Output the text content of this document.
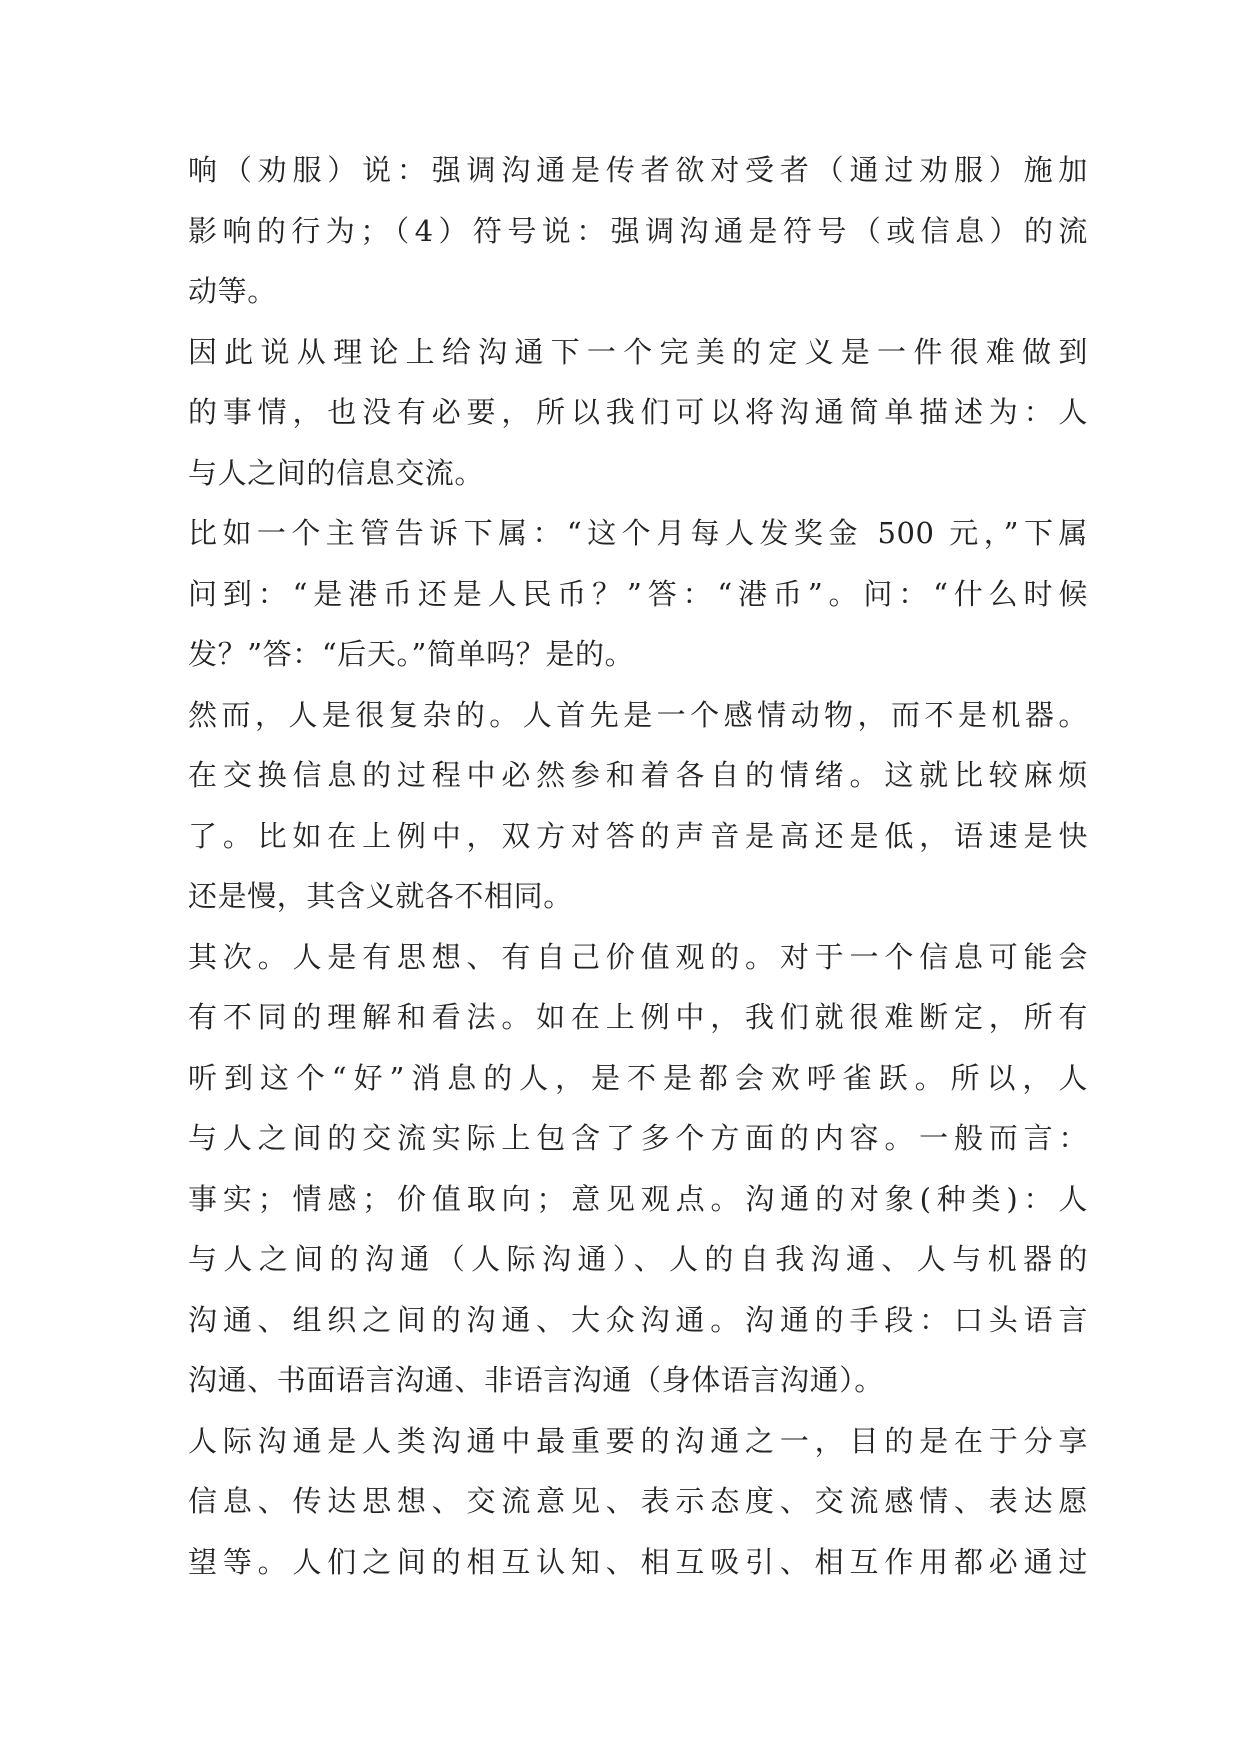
响（劝服）说：强调沟通是传者欲对受者（通过劝服）施加
影响的行为；（4）符号说：强调沟通是符号（或信息）的流
动等。
因此说从理论上给沟通下一个完美的定义是一件很难做到
的事情，也没有必要，所以我们可以将沟通简单描述为：人
与人之间的信息交流。
比如一个主管告诉下属：“这个月每人发奖金 500 元，”下属
问到：“是港币还是人民币？”答：“港币”。问：“什么时候
发？”答：“后天。”简单吗？是的。
然而，人是很复杂的。人首先是一个感情动物，而不是机器。
在交换信息的过程中必然参和着各自的情绪。这就比较麻烦
了。比如在上例中，双方对答的声音是高还是低，语速是快
还是慢，其含义就各不相同。
其次。人是有思想、有自己价值观的。对于一个信息可能会
有不同的理解和看法。如在上例中，我们就很难断定，所有
听到这个“好”消息的人，是不是都会欢呼雀跃。所以，人
与人之间的交流实际上包含了多个方面的内容。一般而言：
事实；情感；价值取向；意见观点。沟通的对象(种类)：人
与人之间的沟通（人际沟通）、人的自我沟通、人与机器的
沟通、组织之间的沟通、大众沟通。沟通的手段：口头语言
沟通、书面语言沟通、非语言沟通（身体语言沟通）。
人际沟通是人类沟通中最重要的沟通之一，目的是在于分享
信息、传达思想、交流意见、表示态度、交流感情、表达愿
望等。人们之间的相互认知、相互吸引、相互作用都必通过
